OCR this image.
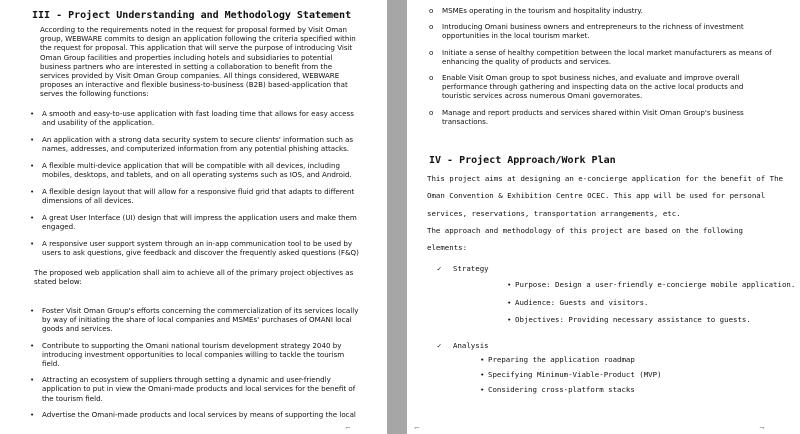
III - Project Understanding and Methodology Statement

According to the requirements noted in the request for proposal formed by Visit Oman group, WEBWARE commits to design an application following the criteria specified within the request for proposal. This application that will serve the purpose of introducing Visit Oman Group facilities and properties including hotels and subsidiaries to potential business partners who are interested in setting a collaboration to benefit from the services provided by Visit Oman Group companies. All things considered, WEBWARE proposes an interactive and flexible business-to-business (B2B) based-application that serves the following functions:

• A smooth and easy-to-use application with fast loading time that allows for easy access and usability of the application.
• An application with a strong data security system to secure clients' information such as names, addresses, and computerized information from any potential phishing attacks.
• A flexible multi-device application that will be compatible with all devices, including mobiles, desktops, and tablets, and on all operating systems such as IOS, and Android.
• A flexible design layout that will allow for a responsive fluid grid that adapts to different dimensions of all devices.
• A great User Interface (UI) design that will impress the application users and make them engaged.
• A responsive user support system through an in-app communication tool to be used by users to ask questions, give feedback and discover the frequently asked questions (F&Q)

The proposed web application shall aim to achieve all of the primary project objectives as stated below:

• Foster Visit Oman Group's efforts concerning the commercialization of its services locally by way of initiating the share of local companies and MSMEs' purchases of OMANI local goods and services.
• Contribute to supporting the Omani national tourism development strategy 2040 by introducing investment opportunities to local companies willing to tackle the tourism field.
• Attracting an ecosystem of suppliers through setting a dynamic and user-friendly application to put in view the Omani-made products and local services for the benefit of the tourism field.
• Advertise the Omani-made products and local services by means of supporting the local
⌐
o MSMEs operating in the tourism and hospitality industry.
o Introducing Omani business owners and entrepreneurs to the richness of investment opportunities in the local tourism market.
o Initiate a sense of healthy competition between the local market manufacturers as means of enhancing the quality of products and services.
o Enable Visit Oman group to spot business niches, and evaluate and improve overall performance through gathering and inspecting data on the active local products and touristic services across numerous Omani governorates.
o Manage and report products and services shared within Visit Oman Group's business transactions.
IV - Project Approach/Work Plan
This project aims at designing an e-concierge application for the benefit of The Oman Convention & Exhibition Centre OCEC. This app will be used for personal services, reservations, transportation arrangements, etc.
The approach and methodology of this project are based on the following elements:
✓ Strategy
• Purpose: Design a user-friendly e-concierge mobile application.
• Audience: Guests and visitors.
• Objectives: Providing necessary assistance to guests.
✓ Analysis
• Preparing the application roadmap
• Specifying Minimum-Viable-Product (MVP)
• Considering cross-platform stacks
⌐	¬
